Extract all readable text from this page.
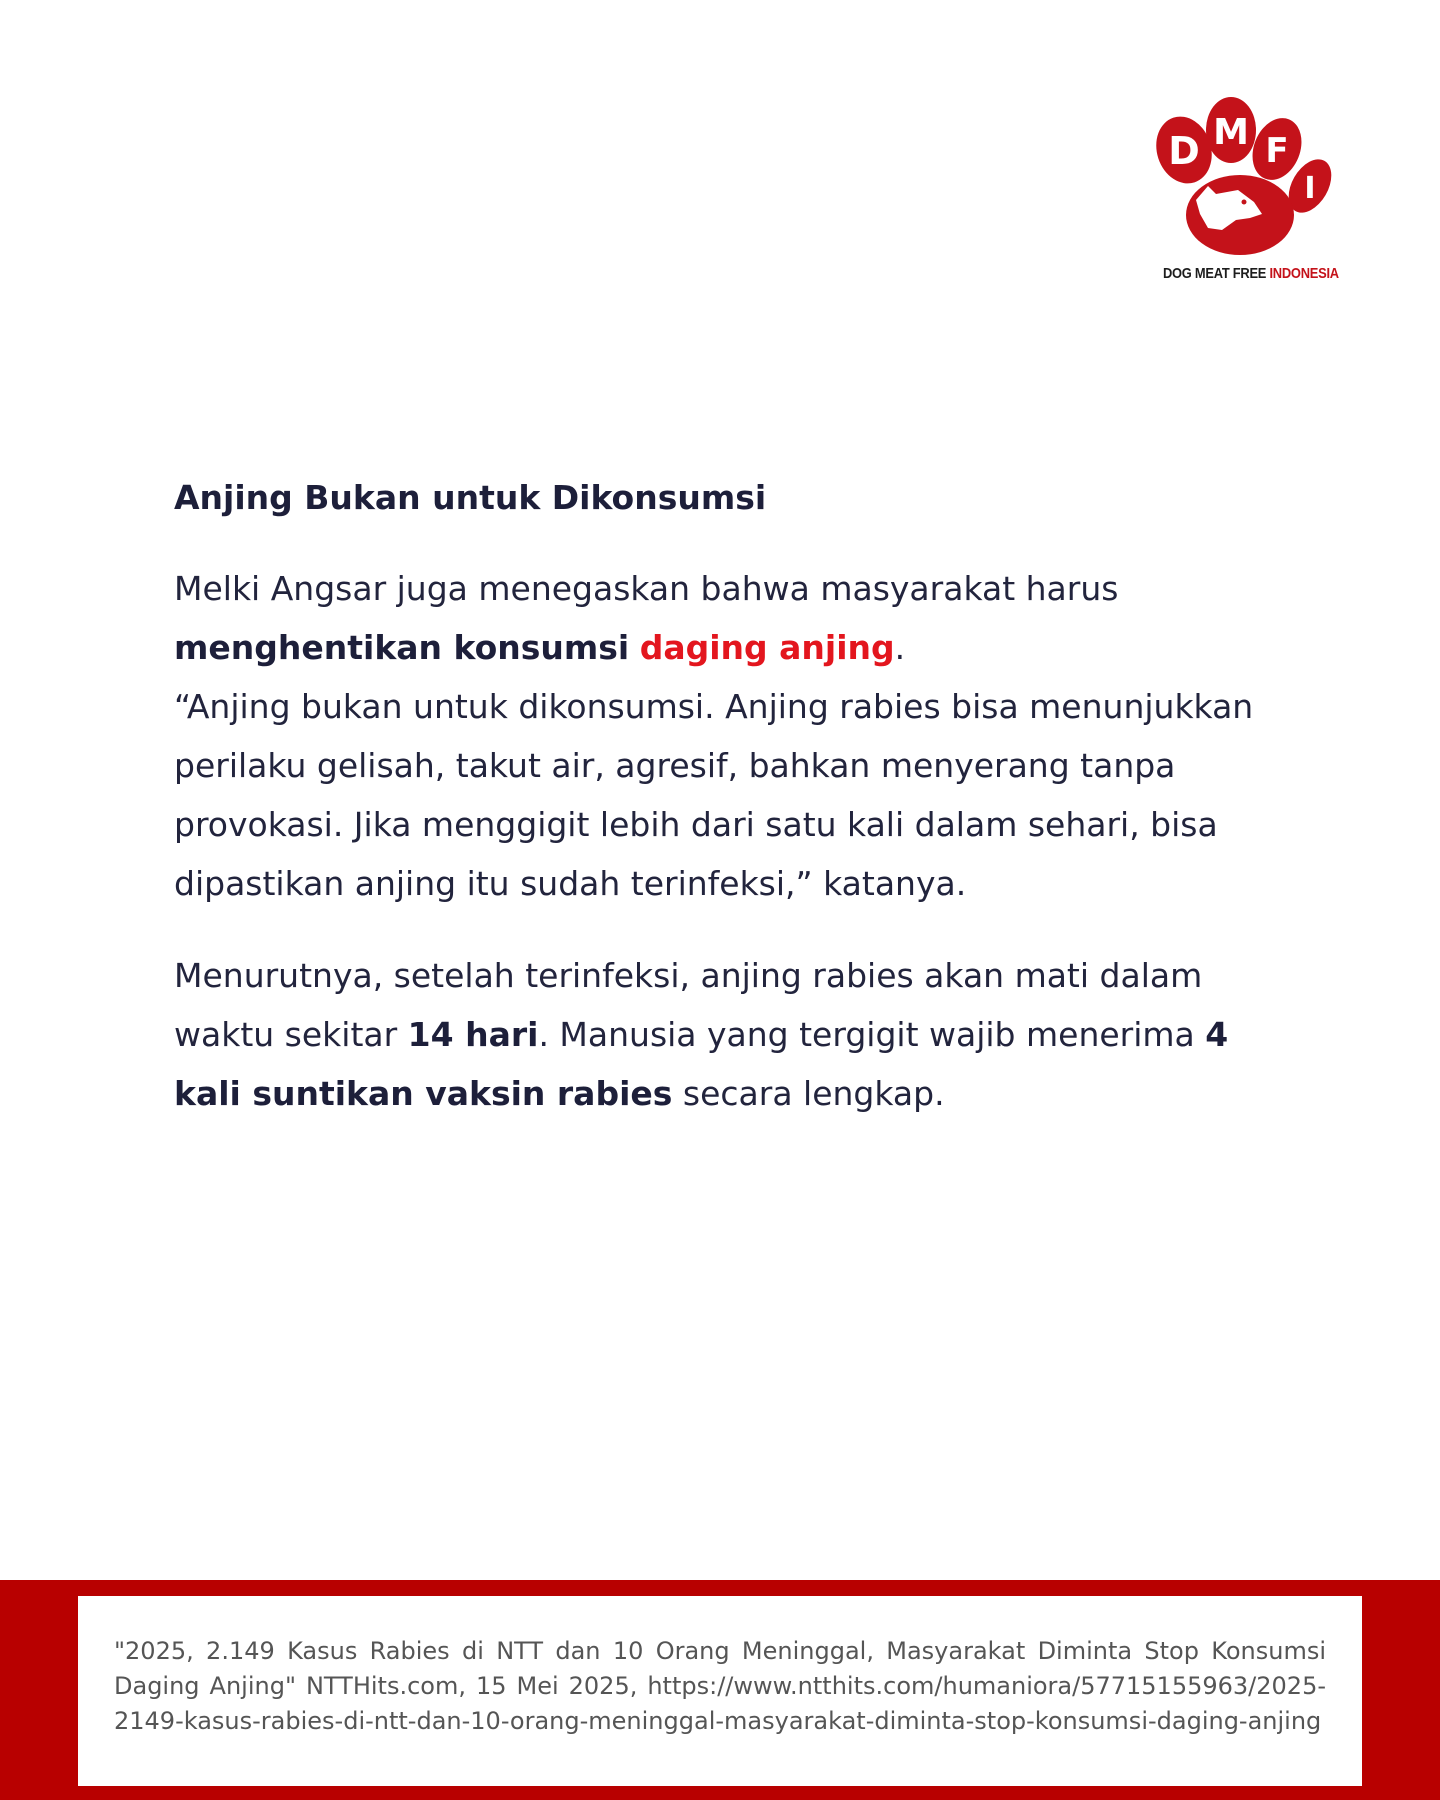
D M F
I
DOG MEAT FREE INDONESIA
Anjing Bukan untuk Dikonsumsi

Melki Angsar juga menegaskan bahwa masyarakat harus
menghentikan konsumsi daging anjing.
“Anjing bukan untuk dikonsumsi. Anjing rabies bisa menunjukkan perilaku gelisah, takut air, agresif, bahkan menyerang tanpa provokasi. Jika menggigit lebih dari satu kali dalam sehari, bisa dipastikan anjing itu sudah terinfeksi,” katanya.

Menurutnya, setelah terinfeksi, anjing rabies akan mati dalam waktu sekitar 14 hari. Manusia yang tergigit wajib menerima 4 kali suntikan vaksin rabies secara lengkap.

"2025, 2.149 Kasus Rabies di NTT dan 10 Orang Meninggal, Masyarakat Diminta Stop Konsumsi Daging Anjing" NTTHits.com, 15 Mei 2025, https://www.ntthits.com/humaniora/57715155963/2025-2149-kasus-rabies-di-ntt-dan-10-orang-meninggal-masyarakat-diminta-stop-konsumsi-daging-anjing
